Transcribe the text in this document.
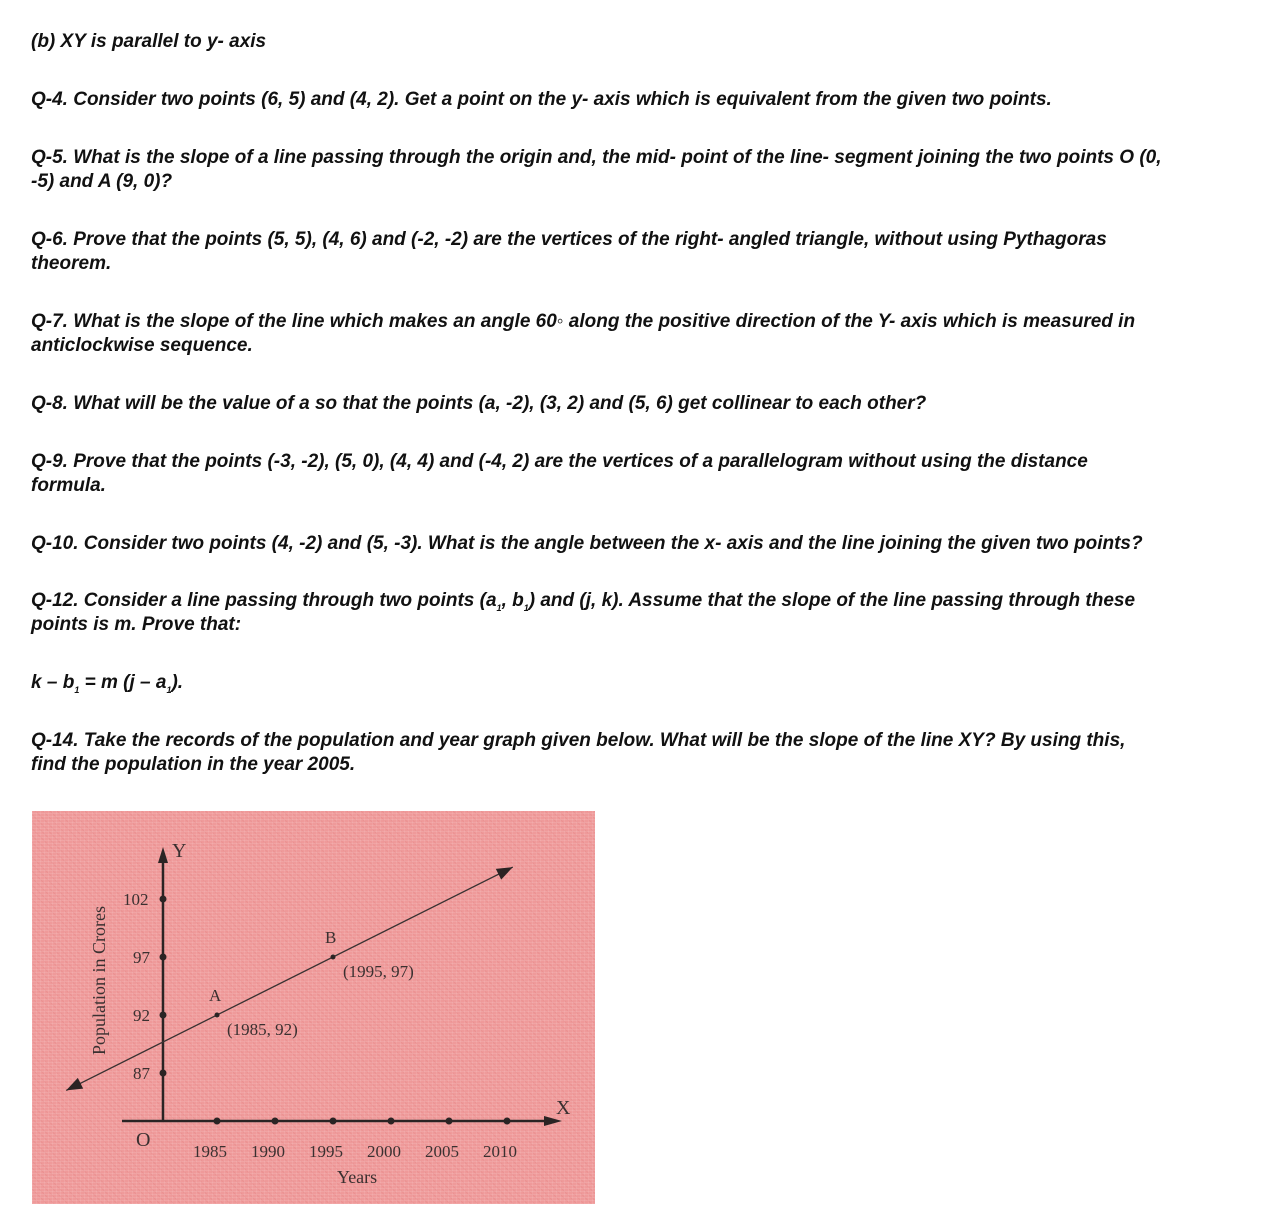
(b) XY is parallel to y- axis
Q-4. Consider two points (6, 5) and (4, 2). Get a point on the y- axis which is equivalent from the given two points.
Q-5. What is the slope of a line passing through the origin and, the mid- point of the line- segment joining the two points O (0,
-5) and A (9, 0)?
Q-6. Prove that the points (5, 5), (4, 6) and (-2, -2) are the vertices of the right- angled triangle, without using Pythagoras
theorem.
Q-7. What is the slope of the line which makes an angle 60◦ along the positive direction of the Y- axis which is measured in
anticlockwise sequence.
Q-8. What will be the value of a so that the points (a, -2), (3, 2) and (5, 6) get collinear to each other?
Q-9. Prove that the points (-3, -2), (5, 0), (4, 4) and (-4, 2) are the vertices of a parallelogram without using the distance
formula.
Q-10. Consider two points (4, -2) and (5, -3). What is the angle between the x- axis and the line joining the given two points?
Q-12. Consider a line passing through two points ($a_1$, $b_1$) and (j, k). Assume that the slope of the line passing through these
points is m. Prove that:
$k - b_1 = m$ $(j - a_1)$.
Q-14. Take the records of the population and year graph given below. What will be the slope of the line XY? By using this,
find the population in the year 2005.
Y
X
O
Population in Crores
Years
1985 1990 1995 2000 2005 2010
87
92
97
102
A
(1985, 92)
B
(1995, 97)
